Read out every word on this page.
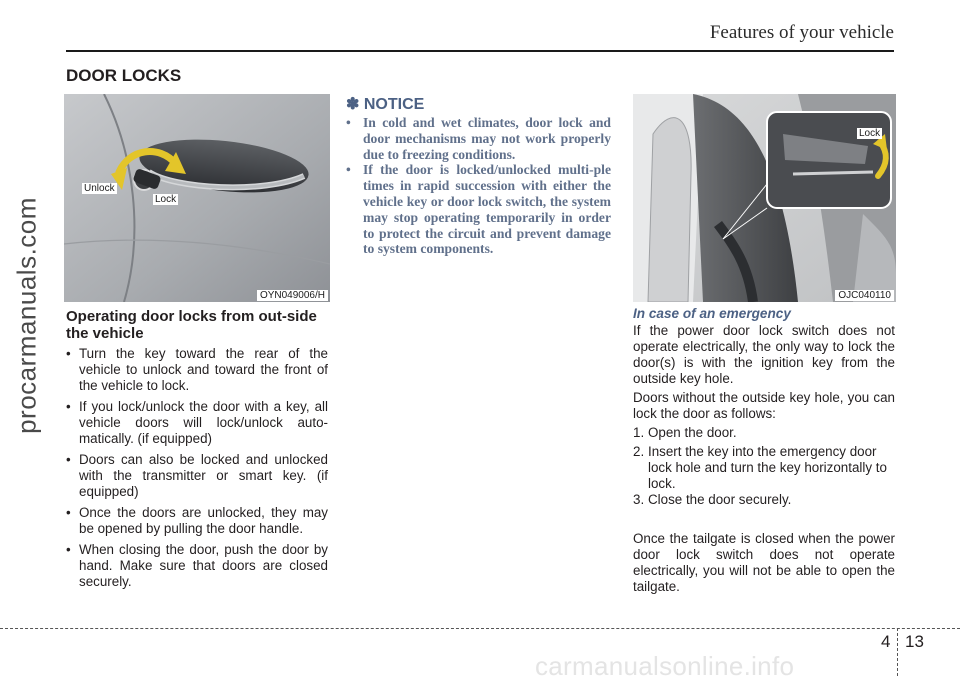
Features of your vehicle
DOOR LOCKS
procarmanuals.com
Unlock
Lock
OYN049006/H
Operating door locks from out-side the vehicle
• Turn the key toward the rear of the vehicle to unlock and toward the front of the vehicle to lock.
• If you lock/unlock the door with a key, all vehicle doors will lock/unlock auto-matically. (if equipped)
• Doors can also be locked and unlocked with the transmitter or smart key. (if equipped)
• Once the doors are unlocked, they may be opened by pulling the door handle.
• When closing the door, push the door by hand. Make sure that doors are closed securely.
✽ NOTICE
• In cold and wet climates, door lock and door mechanisms may not work properly due to freezing conditions.
• If the door is locked/unlocked multi-ple times in rapid succession with either the vehicle key or door lock switch, the system may stop operating temporarily in order to protect the circuit and prevent damage to system components.
Lock
OJC040110
In case of an emergency
If the power door lock switch does not operate electrically, the only way to lock the door(s) is with the ignition key from the outside key hole.
Doors without the outside key hole, you can lock the door as follows:
1. Open the door.
2. Insert the key into the emergency door lock hole and turn the key horizontally to lock.
3. Close the door securely.
Once the tailgate is closed when the power door lock switch does not operate electrically, you will not be able to open the tailgate.
4 13
carmanualsonline.info
